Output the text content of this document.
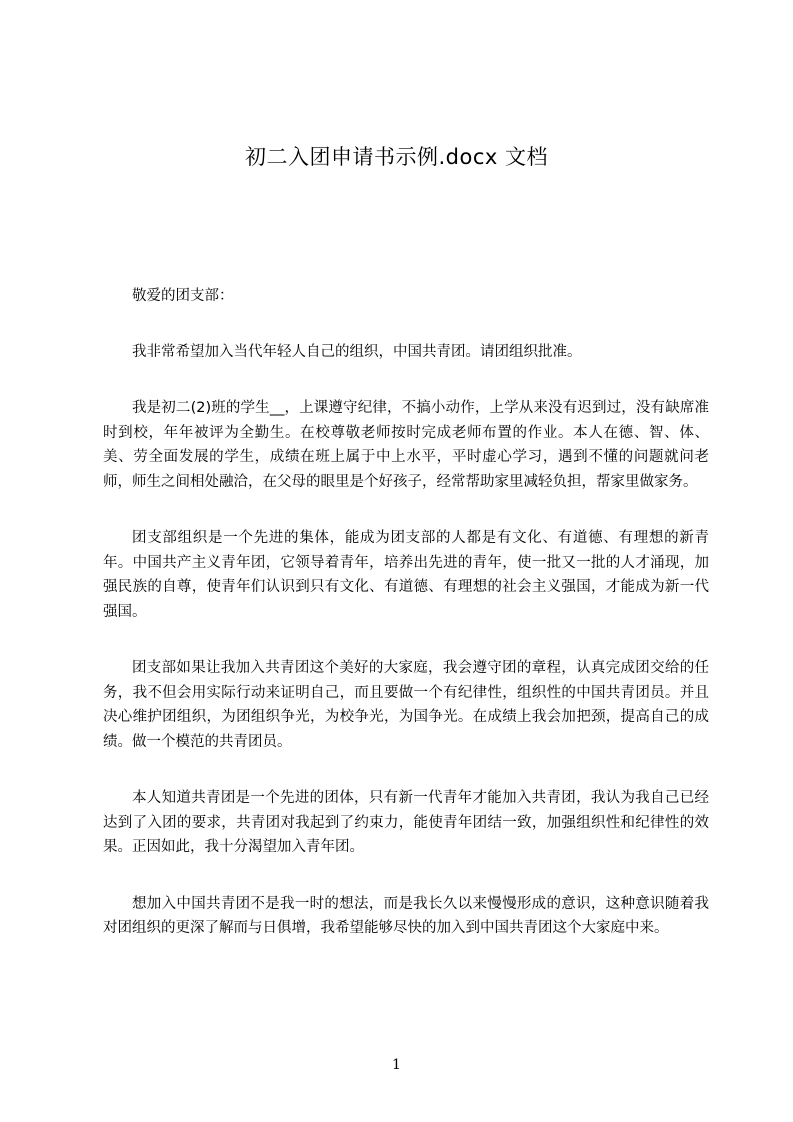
初二入团申请书示例.docx 文档

敬爱的团支部：

我非常希望加入当代年轻人自己的组织，中国共青团。请团组织批准。

我是初二(2)班的学生__，上课遵守纪律，不搞小动作，上学从来没有迟到过，没有缺席准时到校，年年被评为全勤生。在校尊敬老师按时完成老师布置的作业。本人在德、智、体、美、劳全面发展的学生，成绩在班上属于中上水平，平时虚心学习，遇到不懂的问题就问老师，师生之间相处融洽，在父母的眼里是个好孩子，经常帮助家里减轻负担，帮家里做家务。

团支部组织是一个先进的集体，能成为团支部的人都是有文化、有道德、有理想的新青年。中国共产主义青年团，它领导着青年，培养出先进的青年，使一批又一批的人才涌现，加强民族的自尊，使青年们认识到只有文化、有道德、有理想的社会主义强国，才能成为新一代强国。

团支部如果让我加入共青团这个美好的大家庭，我会遵守团的章程，认真完成团交给的任务，我不但会用实际行动来证明自己，而且要做一个有纪律性，组织性的中国共青团员。并且决心维护团组织，为团组织争光，为校争光，为国争光。在成绩上我会加把颈，提高自己的成绩。做一个模范的共青团员。

本人知道共青团是一个先进的团体，只有新一代青年才能加入共青团，我认为我自己已经达到了入团的要求，共青团对我起到了约束力，能使青年团结一致，加强组织性和纪律性的效果。正因如此，我十分渴望加入青年团。

想加入中国共青团不是我一时的想法，而是我长久以来慢慢形成的意识，这种意识随着我对团组织的更深了解而与日俱增，我希望能够尽快的加入到中国共青团这个大家庭中来。

1
